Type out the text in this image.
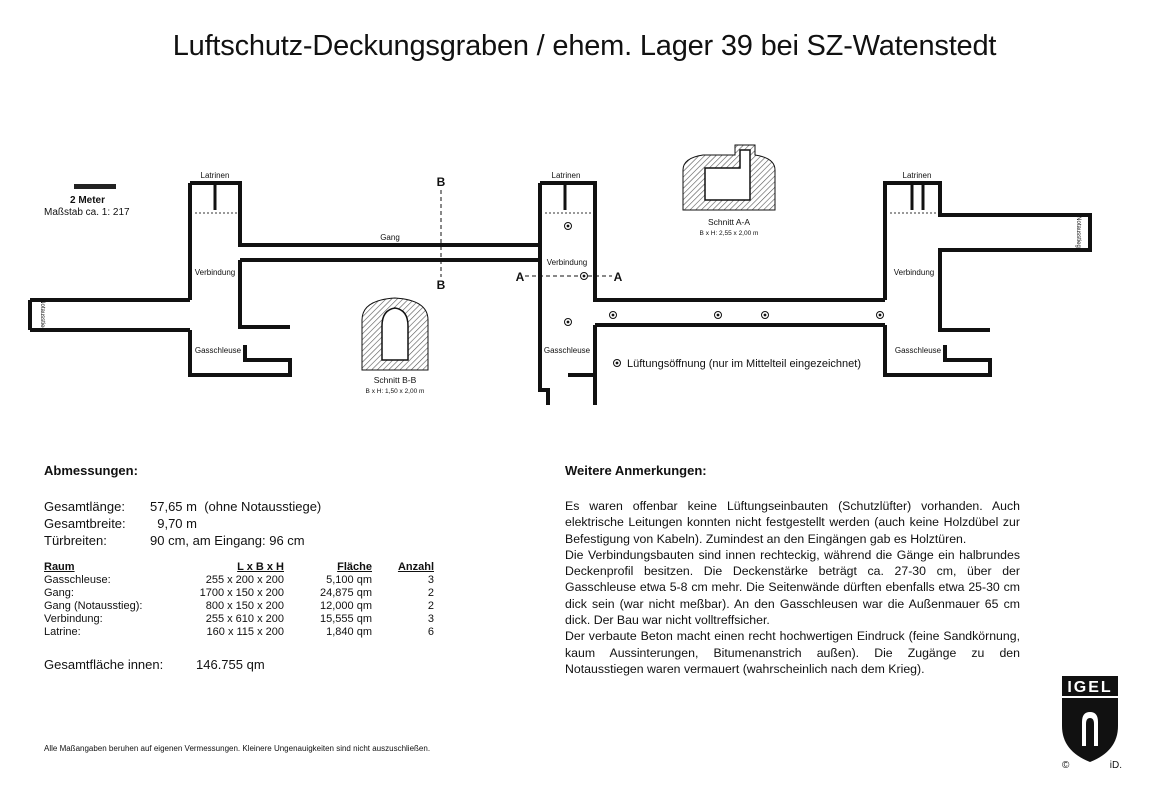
Luftschutz-Deckungsgraben / ehem. Lager 39 bei SZ-Watenstedt
Latrinen	Latrinen	Latrinen
Verbindung
Verbindung
Verbindung
Gasschleuse	Gasschleuse	Gasschleuse
Gang
Notausstieg
Notausstieg
B
B
A	A
Schnitt B-B
B x H: 1,50 x 2,00 m
Schnitt A-A
B x H: 2,55 x 2,00 m
Lüftungsöffnung (nur im Mittelteil eingezeichnet)
2 Meter
Maßstab ca. 1: 217
Abmessungen:
Gesamtlänge:	57,65 m  (ohne Notausstiege)
Gesamtbreite:	9,70 m
Türbreiten:	90 cm, am Eingang: 96 cm
Raum	L x B x H	Fläche	Anzahl
Gasschleuse:	255 x 200 x 200	5,100 qm	3
Gang:	1700 x 150 x 200	24,875 qm	2
Gang (Notausstieg):	800 x 150 x 200	12,000 qm	2
Verbindung:	255 x 610 x 200	15,555 qm	3
Latrine:	160 x 115 x 200	1,840 qm	6
Gesamtfläche innen:	146.755 qm
Alle Maßangaben beruhen auf eigenen Vermessungen. Kleinere Ungenauigkeiten sind nicht auszuschließen.
Weitere Anmerkungen:

Es waren offenbar keine Lüftungseinbauten (Schutzlüfter) vorhanden. Auch elektrische Leitungen konnten nicht festgestellt werden (auch keine Holzdübel zur Befestigung von Kabeln). Zumindest an den Eingängen gab es Holztüren.

Die Verbindungsbauten sind innen rechteckig, während die Gänge ein halbrundes Deckenprofil besitzen. Die Deckenstärke beträgt ca. 27-30 cm, über der Gasschleuse etwa 5-8 cm mehr. Die Seitenwände dürften ebenfalls etwa 25-30 cm dick sein (war nicht meßbar). An den Gasschleusen war die Außenmauer 65 cm dick. Der Bau war nicht volltreffsicher.

Der verbaute Beton macht einen recht hochwertigen Eindruck (feine Sandkörnung, kaum Aussinterungen, Bitumenanstrich außen). Die Zugänge zu den Notausstiegen waren vermauert (wahrscheinlich nach dem Krieg).

IGEL
©	iD.
